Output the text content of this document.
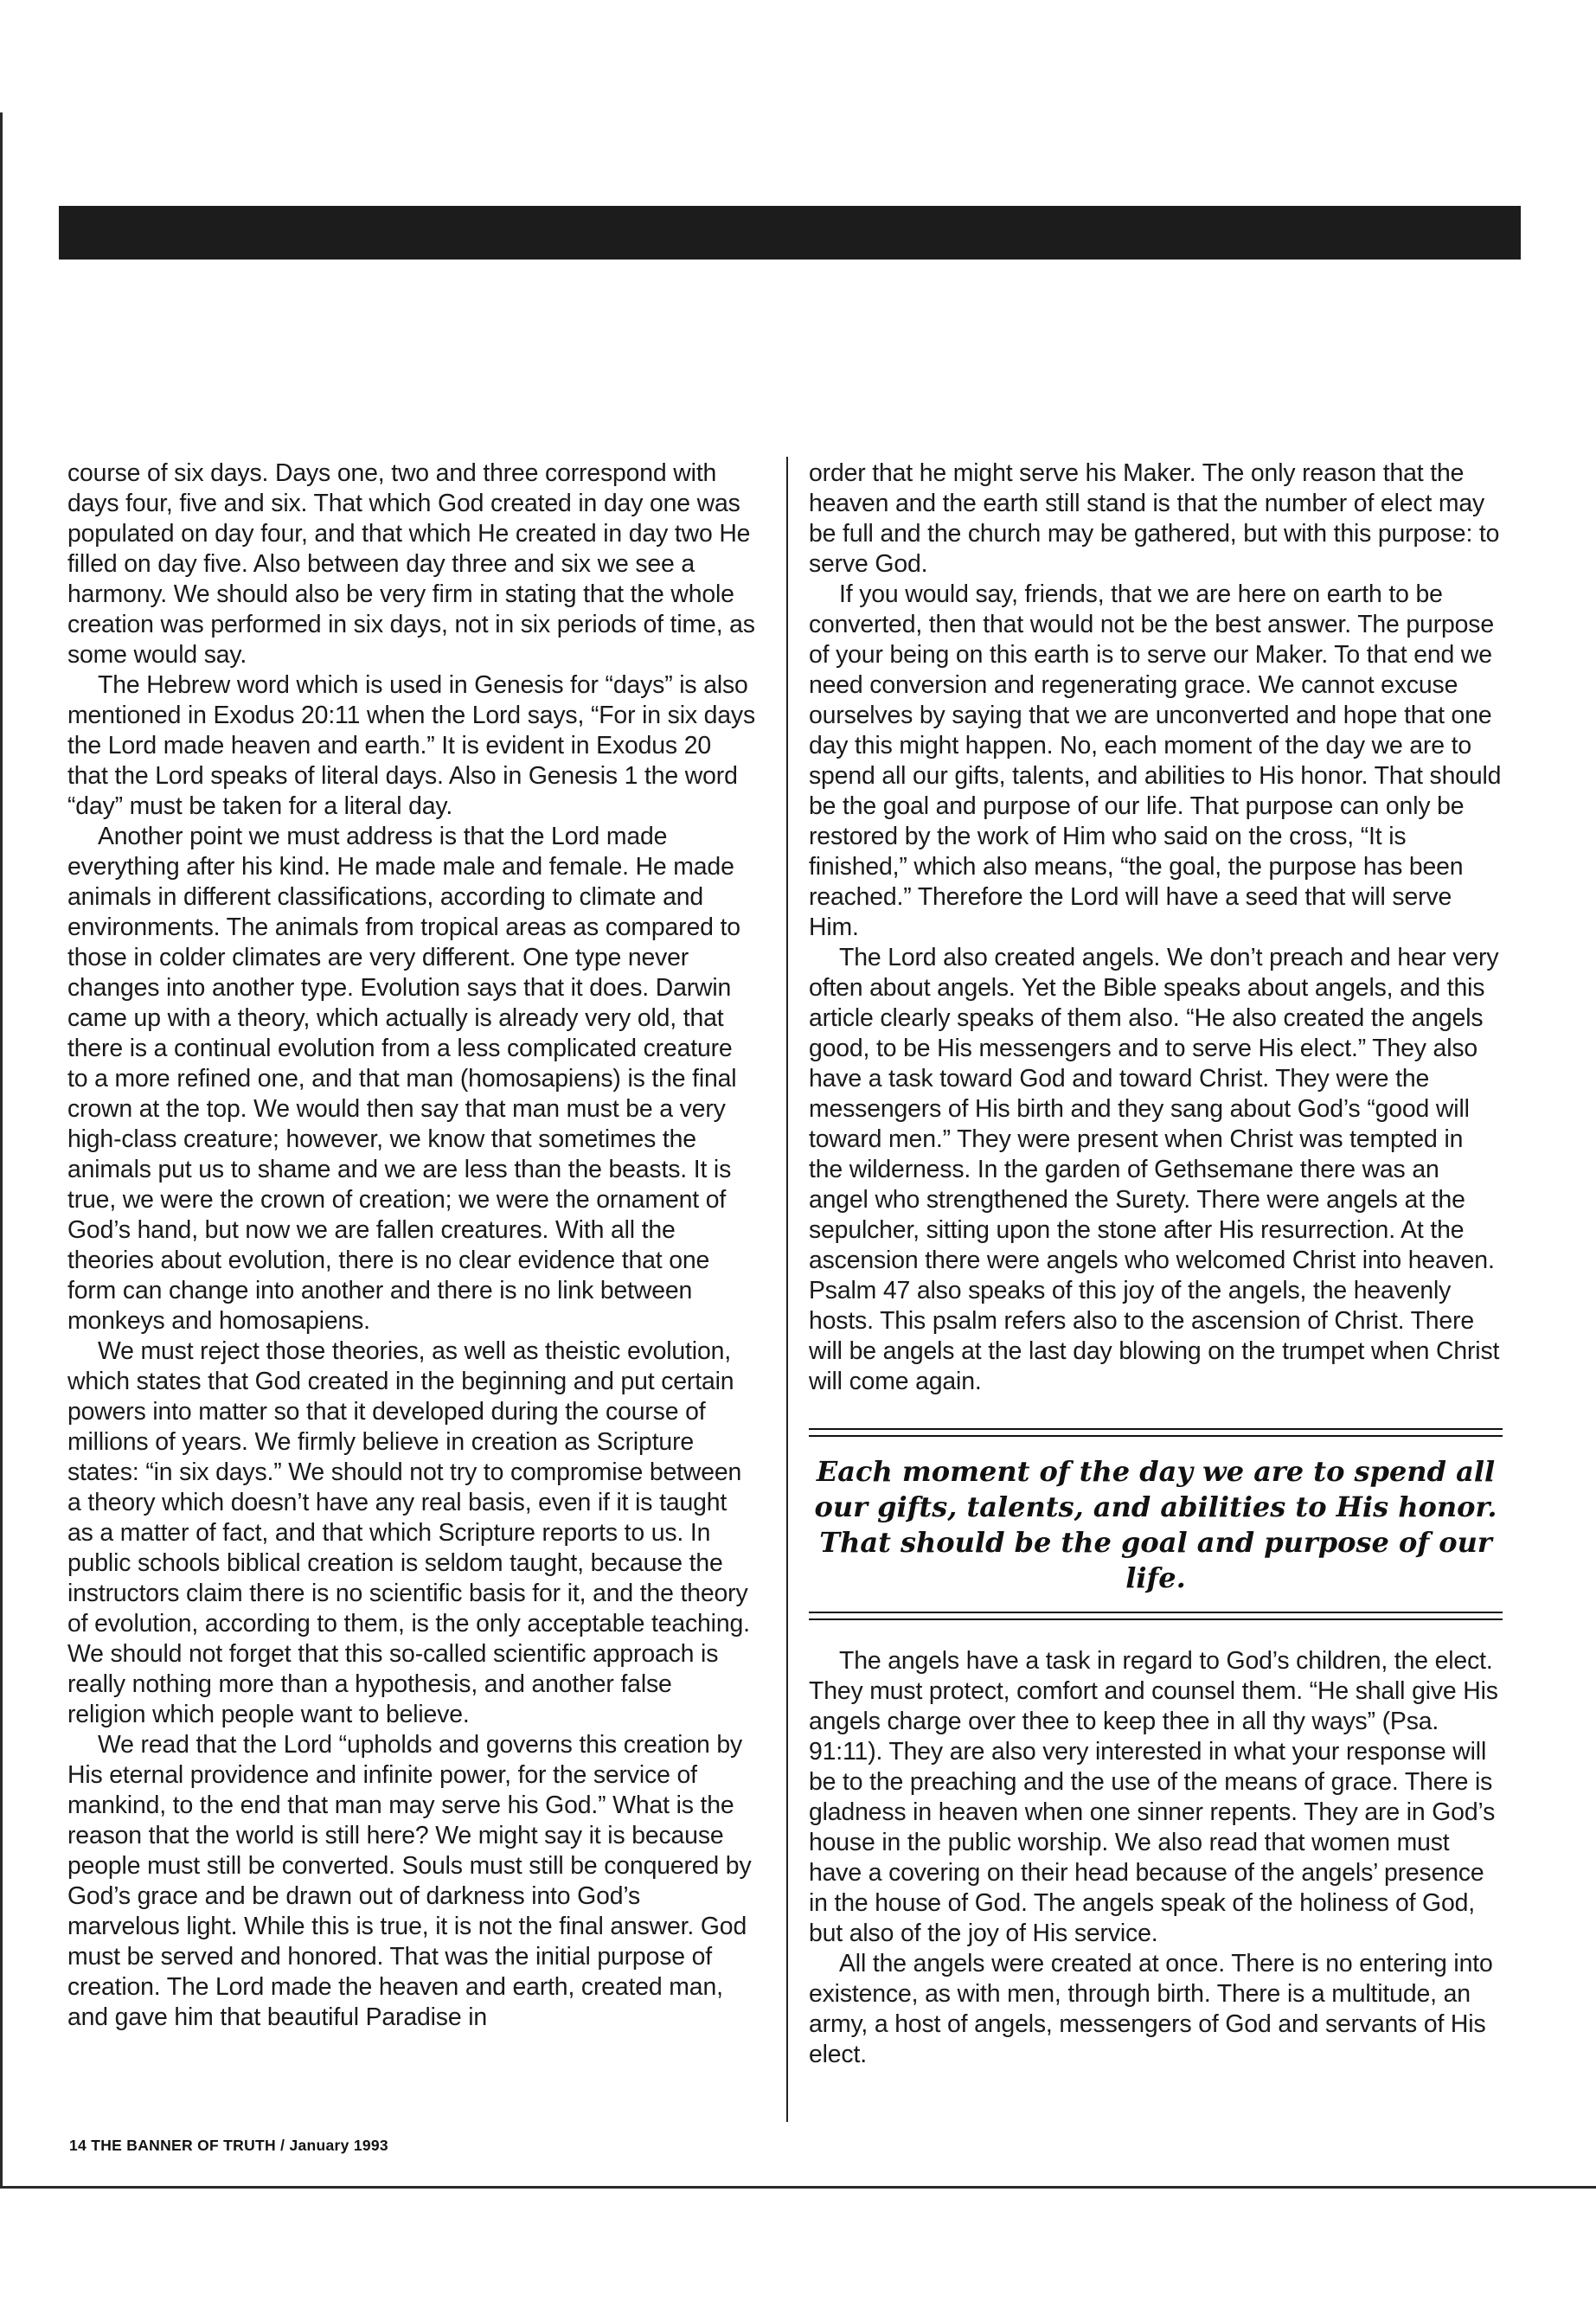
course of six days. Days one, two and three correspond with days four, five and six. That which God created in day one was populated on day four, and that which He created in day two He filled on day five. Also between day three and six we see a harmony. We should also be very firm in stating that the whole creation was performed in six days, not in six periods of time, as some would say.

The Hebrew word which is used in Genesis for “days” is also mentioned in Exodus 20:11 when the Lord says, “For in six days the Lord made heaven and earth.” It is evident in Exodus 20 that the Lord speaks of literal days. Also in Genesis 1 the word “day” must be taken for a literal day.

Another point we must address is that the Lord made everything after his kind. He made male and female. He made animals in different classifications, according to climate and environments. The animals from tropical areas as compared to those in colder climates are very different. One type never changes into another type. Evolution says that it does. Darwin came up with a theory, which actually is already very old, that there is a continual evolution from a less complicated creature to a more refined one, and that man (homosapiens) is the final crown at the top. We would then say that man must be a very high-class creature; however, we know that sometimes the animals put us to shame and we are less than the beasts. It is true, we were the crown of creation; we were the ornament of God’s hand, but now we are fallen creatures. With all the theories about evolution, there is no clear evidence that one form can change into another and there is no link between monkeys and homosapiens.

We must reject those theories, as well as theistic evolution, which states that God created in the beginning and put certain powers into matter so that it developed during the course of millions of years. We firmly believe in creation as Scripture states: “in six days.” We should not try to compromise between a theory which doesn’t have any real basis, even if it is taught as a matter of fact, and that which Scripture reports to us. In public schools biblical creation is seldom taught, because the instructors claim there is no scientific basis for it, and the theory of evolution, according to them, is the only acceptable teaching. We should not forget that this so-called scientific approach is really nothing more than a hypothesis, and another false religion which people want to believe.

We read that the Lord “upholds and governs this creation by His eternal providence and infinite power, for the service of mankind, to the end that man may serve his God.” What is the reason that the world is still here? We might say it is because people must still be converted. Souls must still be conquered by God’s grace and be drawn out of darkness into God’s marvelous light. While this is true, it is not the final answer. God must be served and honored. That was the initial purpose of creation. The Lord made the heaven and earth, created man, and gave him that beautiful Paradise in

order that he might serve his Maker. The only reason that the heaven and the earth still stand is that the number of elect may be full and the church may be gathered, but with this purpose: to serve God.

If you would say, friends, that we are here on earth to be converted, then that would not be the best answer. The purpose of your being on this earth is to serve our Maker. To that end we need conversion and regenerating grace. We cannot excuse ourselves by saying that we are unconverted and hope that one day this might happen. No, each moment of the day we are to spend all our gifts, talents, and abilities to His honor. That should be the goal and purpose of our life. That purpose can only be restored by the work of Him who said on the cross, “It is finished,” which also means, “the goal, the purpose has been reached.” Therefore the Lord will have a seed that will serve Him.

The Lord also created angels. We don’t preach and hear very often about angels. Yet the Bible speaks about angels, and this article clearly speaks of them also. “He also created the angels good, to be His messengers and to serve His elect.” They also have a task toward God and toward Christ. They were the messengers of His birth and they sang about God’s “good will toward men.” They were present when Christ was tempted in the wilderness. In the garden of Gethsemane there was an angel who strengthened the Surety. There were angels at the sepulcher, sitting upon the stone after His resurrection. At the ascension there were angels who welcomed Christ into heaven. Psalm 47 also speaks of this joy of the angels, the heavenly hosts. This psalm refers also to the ascension of Christ. There will be angels at the last day blowing on the trumpet when Christ will come again.

Each moment of the day we are to spend all our gifts, talents, and abilities to His honor. That should be the goal and purpose of our life.

The angels have a task in regard to God’s children, the elect. They must protect, comfort and counsel them. “He shall give His angels charge over thee to keep thee in all thy ways” (Psa. 91:11). They are also very interested in what your response will be to the preaching and the use of the means of grace. There is gladness in heaven when one sinner repents. They are in God’s house in the public worship. We also read that women must have a covering on their head because of the angels’ presence in the house of God. The angels speak of the holiness of God, but also of the joy of His service.

All the angels were created at once. There is no entering into existence, as with men, through birth. There is a multitude, an army, a host of angels, messengers of God and servants of His elect.

14 THE BANNER OF TRUTH / January 1993
